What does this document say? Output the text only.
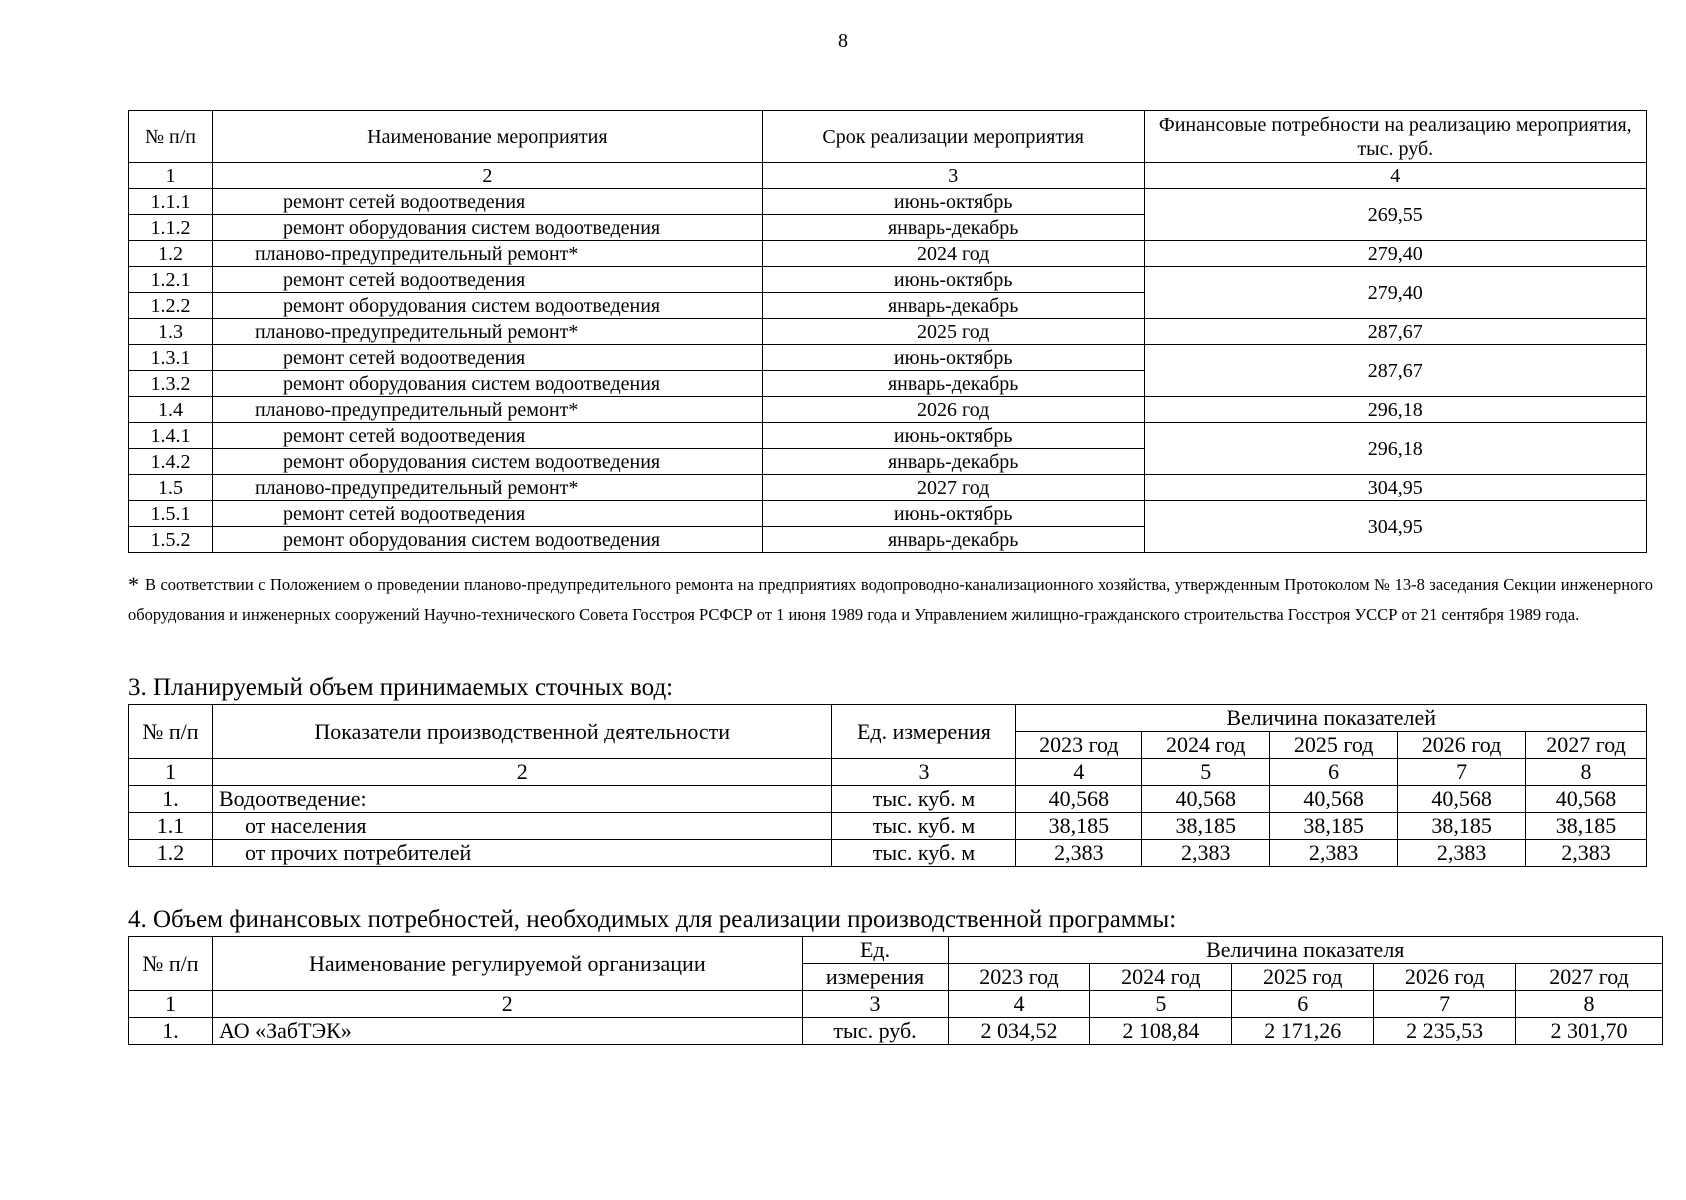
8
№ п/п	Наименование мероприятия	Срок реализации мероприятия	Финансовые потребности на реализацию мероприятия, тыс. руб.
1	2	3	4
1.1.1	ремонт сетей водоотведения	июнь-октябрь	269,55
1.1.2	ремонт оборудования систем водоотведения	январь-декабрь	
1.2	планово-предупредительный ремонт*	2024 год	279,40
1.2.1	ремонт сетей водоотведения	июнь-октябрь	279,40
1.2.2	ремонт оборудования систем водоотведения	январь-декабрь	
1.3	планово-предупредительный ремонт*	2025 год	287,67
1.3.1	ремонт сетей водоотведения	июнь-октябрь	287,67
1.3.2	ремонт оборудования систем водоотведения	январь-декабрь	
1.4	планово-предупредительный ремонт*	2026 год	296,18
1.4.1	ремонт сетей водоотведения	июнь-октябрь	296,18
1.4.2	ремонт оборудования систем водоотведения	январь-декабрь	
1.5	планово-предупредительный ремонт*	2027 год	304,95
1.5.1	ремонт сетей водоотведения	июнь-октябрь	304,95
1.5.2	ремонт оборудования систем водоотведения	январь-декабрь	
* В соответствии с Положением о проведении планово-предупредительного ремонта на предприятиях водопроводно-канализационного хозяйства, утвержденным Протоколом № 13-8 заседания Секции инженерного оборудования и инженерных сооружений Научно-технического Совета Госстроя РСФСР от 1 июня 1989 года и Управлением жилищно-гражданского строительства Госстроя УССР от 21 сентября 1989 года.
3. Планируемый объем принимаемых сточных вод:
№ п/п	Показатели производственной деятельности	Ед. измерения	Величина показателей				
			2023 год	2024 год	2025 год	2026 год	2027 год
1	2	3	4	5	6	7	8
1.	Водоотведение:	тыс. куб. м	40,568	40,568	40,568	40,568	40,568
1.1	от населения	тыс. куб. м	38,185	38,185	38,185	38,185	38,185
1.2	от прочих потребителей	тыс. куб. м	2,383	2,383	2,383	2,383	2,383
4. Объем финансовых потребностей, необходимых для реализации производственной программы:
№ п/п	Наименование регулируемой организации	Ед.	Величина показателя				
		измерения	2023 год	2024 год	2025 год	2026 год	2027 год
1	2	3	4	5	6	7	8
1.	АО «ЗабТЭК»	тыс. руб.	2 034,52	2 108,84	2 171,26	2 235,53	2 301,70
